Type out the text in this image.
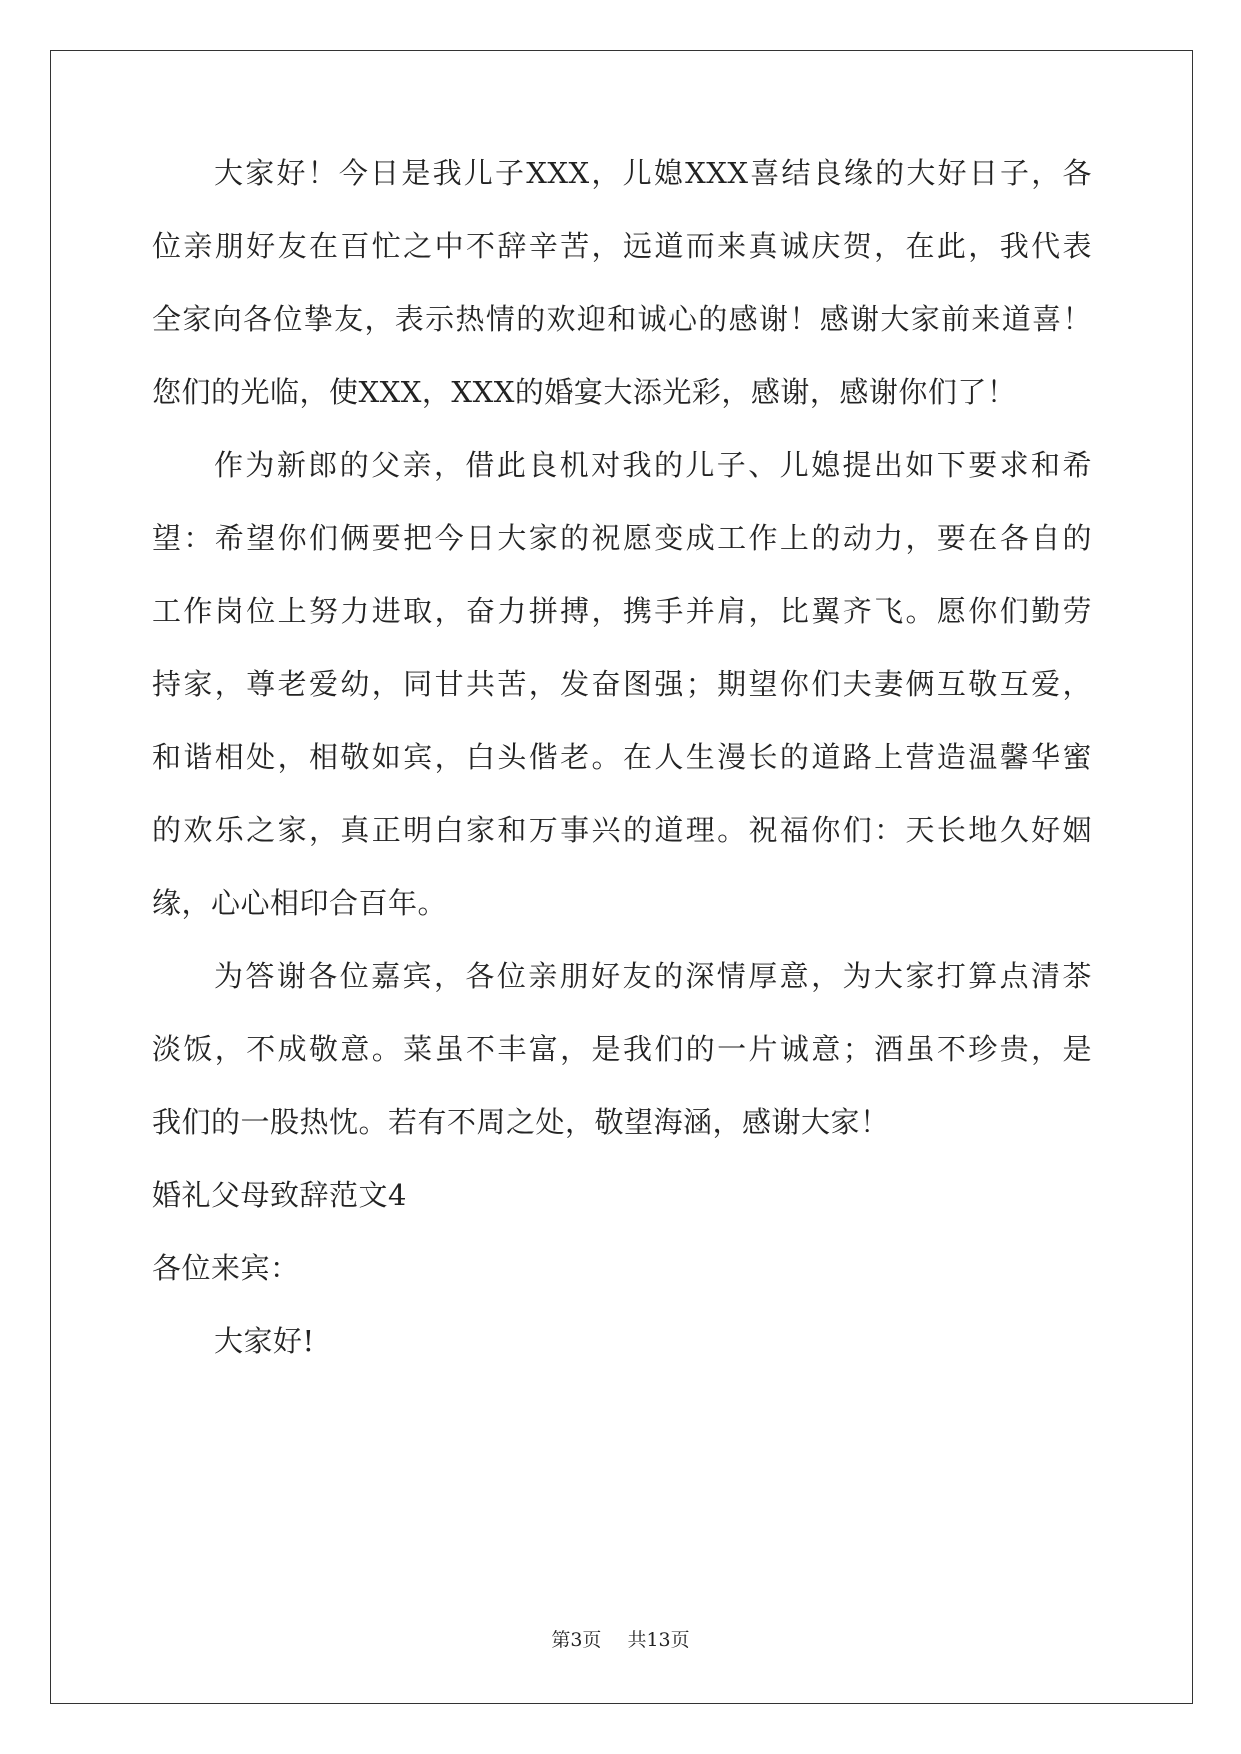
大家好！今日是我儿子XXX，儿媳XXX喜结良缘的大好日子，各
位亲朋好友在百忙之中不辞辛苦，远道而来真诚庆贺，在此，我代表
全家向各位挚友，表示热情的欢迎和诚心的感谢！感谢大家前来道喜！
您们的光临，使XXX，XXX的婚宴大添光彩，感谢，感谢你们了！
作为新郎的父亲，借此良机对我的儿子、儿媳提出如下要求和希
望：希望你们俩要把今日大家的祝愿变成工作上的动力，要在各自的
工作岗位上努力进取，奋力拼搏，携手并肩，比翼齐飞。愿你们勤劳
持家，尊老爱幼，同甘共苦，发奋图强；期望你们夫妻俩互敬互爱，
和谐相处，相敬如宾，白头偕老。在人生漫长的道路上营造温馨华蜜
的欢乐之家，真正明白家和万事兴的道理。祝福你们：天长地久好姻
缘，心心相印合百年。
为答谢各位嘉宾，各位亲朋好友的深情厚意，为大家打算点清茶
淡饭，不成敬意。菜虽不丰富，是我们的一片诚意；酒虽不珍贵，是
我们的一股热忱。若有不周之处，敬望海涵，感谢大家！
婚礼父母致辞范文4
各位来宾：
大家好!
第3页 共13页
